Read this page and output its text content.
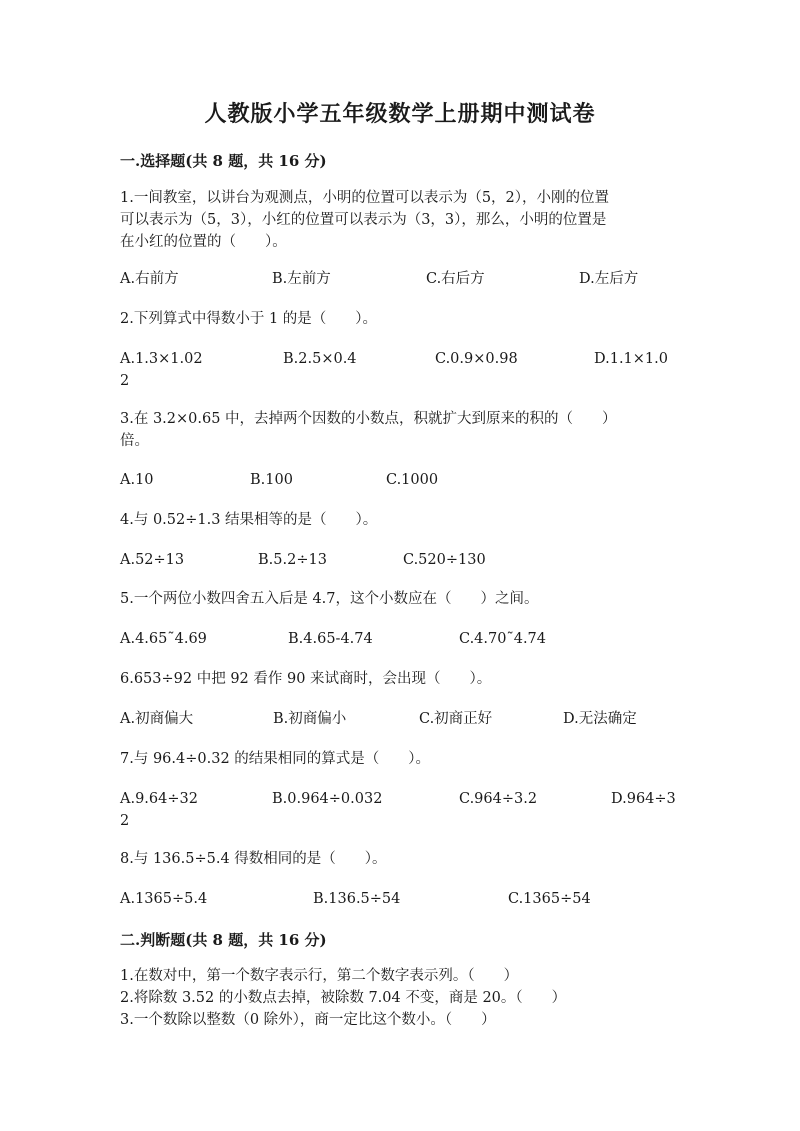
人教版小学五年级数学上册期中测试卷
一.选择题(共 8 题，共 16 分)
1.一间教室，以讲台为观测点，小明的位置可以表示为（5，2），小刚的位置
可以表示为（5，3），小红的位置可以表示为（3，3），那么，小明的位置是
在小红的位置的（　　）。
A.右前方	B.左前方	C.右后方	D.左后方
2.下列算式中得数小于 1 的是（　　）。
A.1.3×1.02	B.2.5×0.4	C.0.9×0.98	D.1.1×1.0
2
3.在 3.2×0.65 中，去掉两个因数的小数点，积就扩大到原来的积的（　　）
倍。
A.10	B.100	C.1000
4.与 0.52÷1.3 结果相等的是（　　）。
A.52÷13	B.5.2÷13	C.520÷130
5.一个两位小数四舍五入后是 4.7，这个小数应在（　　）之间。
A.4.65˜4.69	B.4.65-4.74	C.4.70˜4.74
6.653÷92 中把 92 看作 90 来试商时，会出现（　　）。
A.初商偏大	B.初商偏小	C.初商正好	D.无法确定
7.与 96.4÷0.32 的结果相同的算式是（　　）。
A.9.64÷32	B.0.964÷0.032	C.964÷3.2	D.964÷3
2
8.与 136.5÷5.4 得数相同的是（　　）。
A.1365÷5.4	B.136.5÷54	C.1365÷54
二.判断题(共 8 题，共 16 分)
1.在数对中，第一个数字表示行，第二个数字表示列。（　　）
2.将除数 3.52 的小数点去掉，被除数 7.04 不变，商是 20。（　　）
3.一个数除以整数（0 除外），商一定比这个数小。（　　）
